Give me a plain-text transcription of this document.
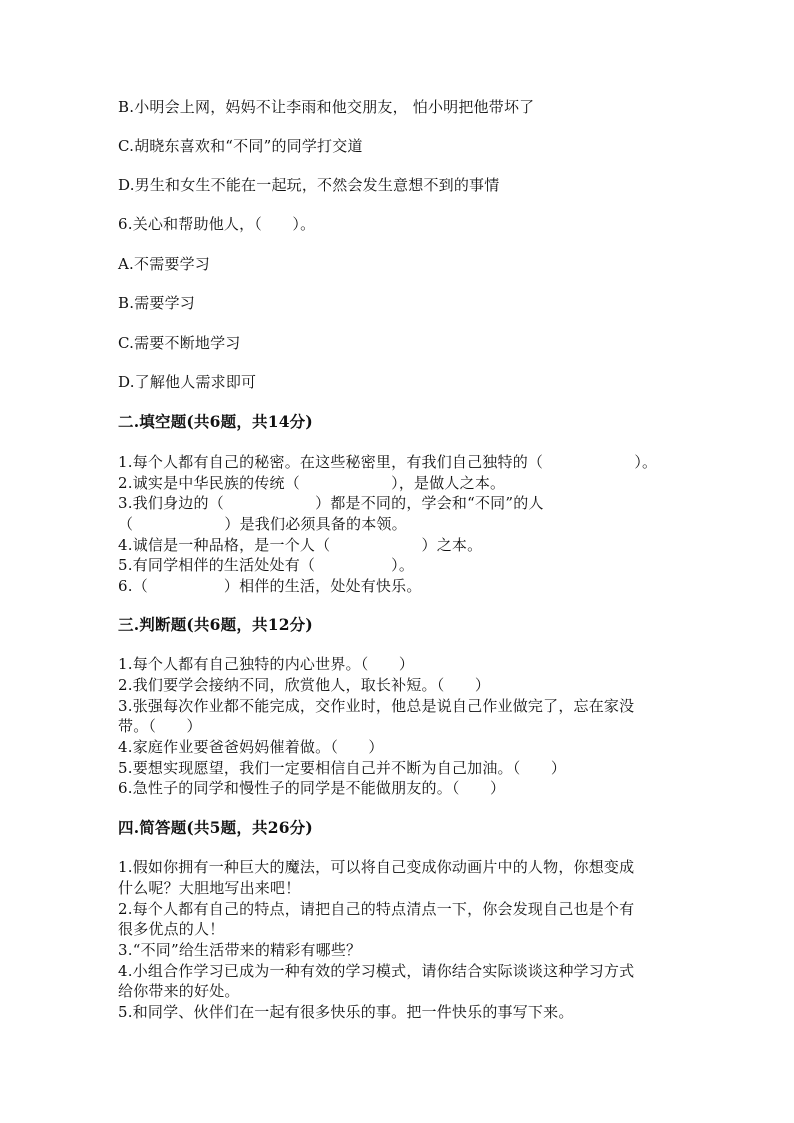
B.小明会上网，妈妈不让李雨和他交朋友， 怕小明把他带坏了
C.胡晓东喜欢和“不同”的同学打交道
D.男生和女生不能在一起玩，不然会发生意想不到的事情
6.关心和帮助他人，（　　）。
A.不需要学习
B.需要学习
C.需要不断地学习
D.了解他人需求即可
二.填空题(共6题，共14分)
1.每个人都有自己的秘密。在这些秘密里，有我们自己独特的（　　　　　　）。
2.诚实是中华民族的传统（　　　　　　），是做人之本。
3.我们身边的（　　　　　　）都是不同的，学会和“不同”的人
（　　　　　　）是我们必须具备的本领。
4.诚信是一种品格，是一个人（　　　　　　）之本。
5.有同学相伴的生活处处有（　　　　　）。
6.（　　　　　）相伴的生活，处处有快乐。
三.判断题(共6题，共12分)
1.每个人都有自己独特的内心世界。（　　）
2.我们要学会接纳不同，欣赏他人，取长补短。（　　）
3.张强每次作业都不能完成，交作业时，他总是说自己作业做完了，忘在家没
带。（　　）
4.家庭作业要爸爸妈妈催着做。（　　）
5.要想实现愿望，我们一定要相信自己并不断为自己加油。（　　）
6.急性子的同学和慢性子的同学是不能做朋友的。（　　）
四.简答题(共5题，共26分)
1.假如你拥有一种巨大的魔法，可以将自己变成你动画片中的人物，你想变成
什么呢？大胆地写出来吧！
2.每个人都有自己的特点，请把自己的特点清点一下，你会发现自己也是个有
很多优点的人！
3.“不同”给生活带来的精彩有哪些？
4.小组合作学习已成为一种有效的学习模式，请你结合实际谈谈这种学习方式
给你带来的好处。
5.和同学、伙伴们在一起有很多快乐的事。把一件快乐的事写下来。
